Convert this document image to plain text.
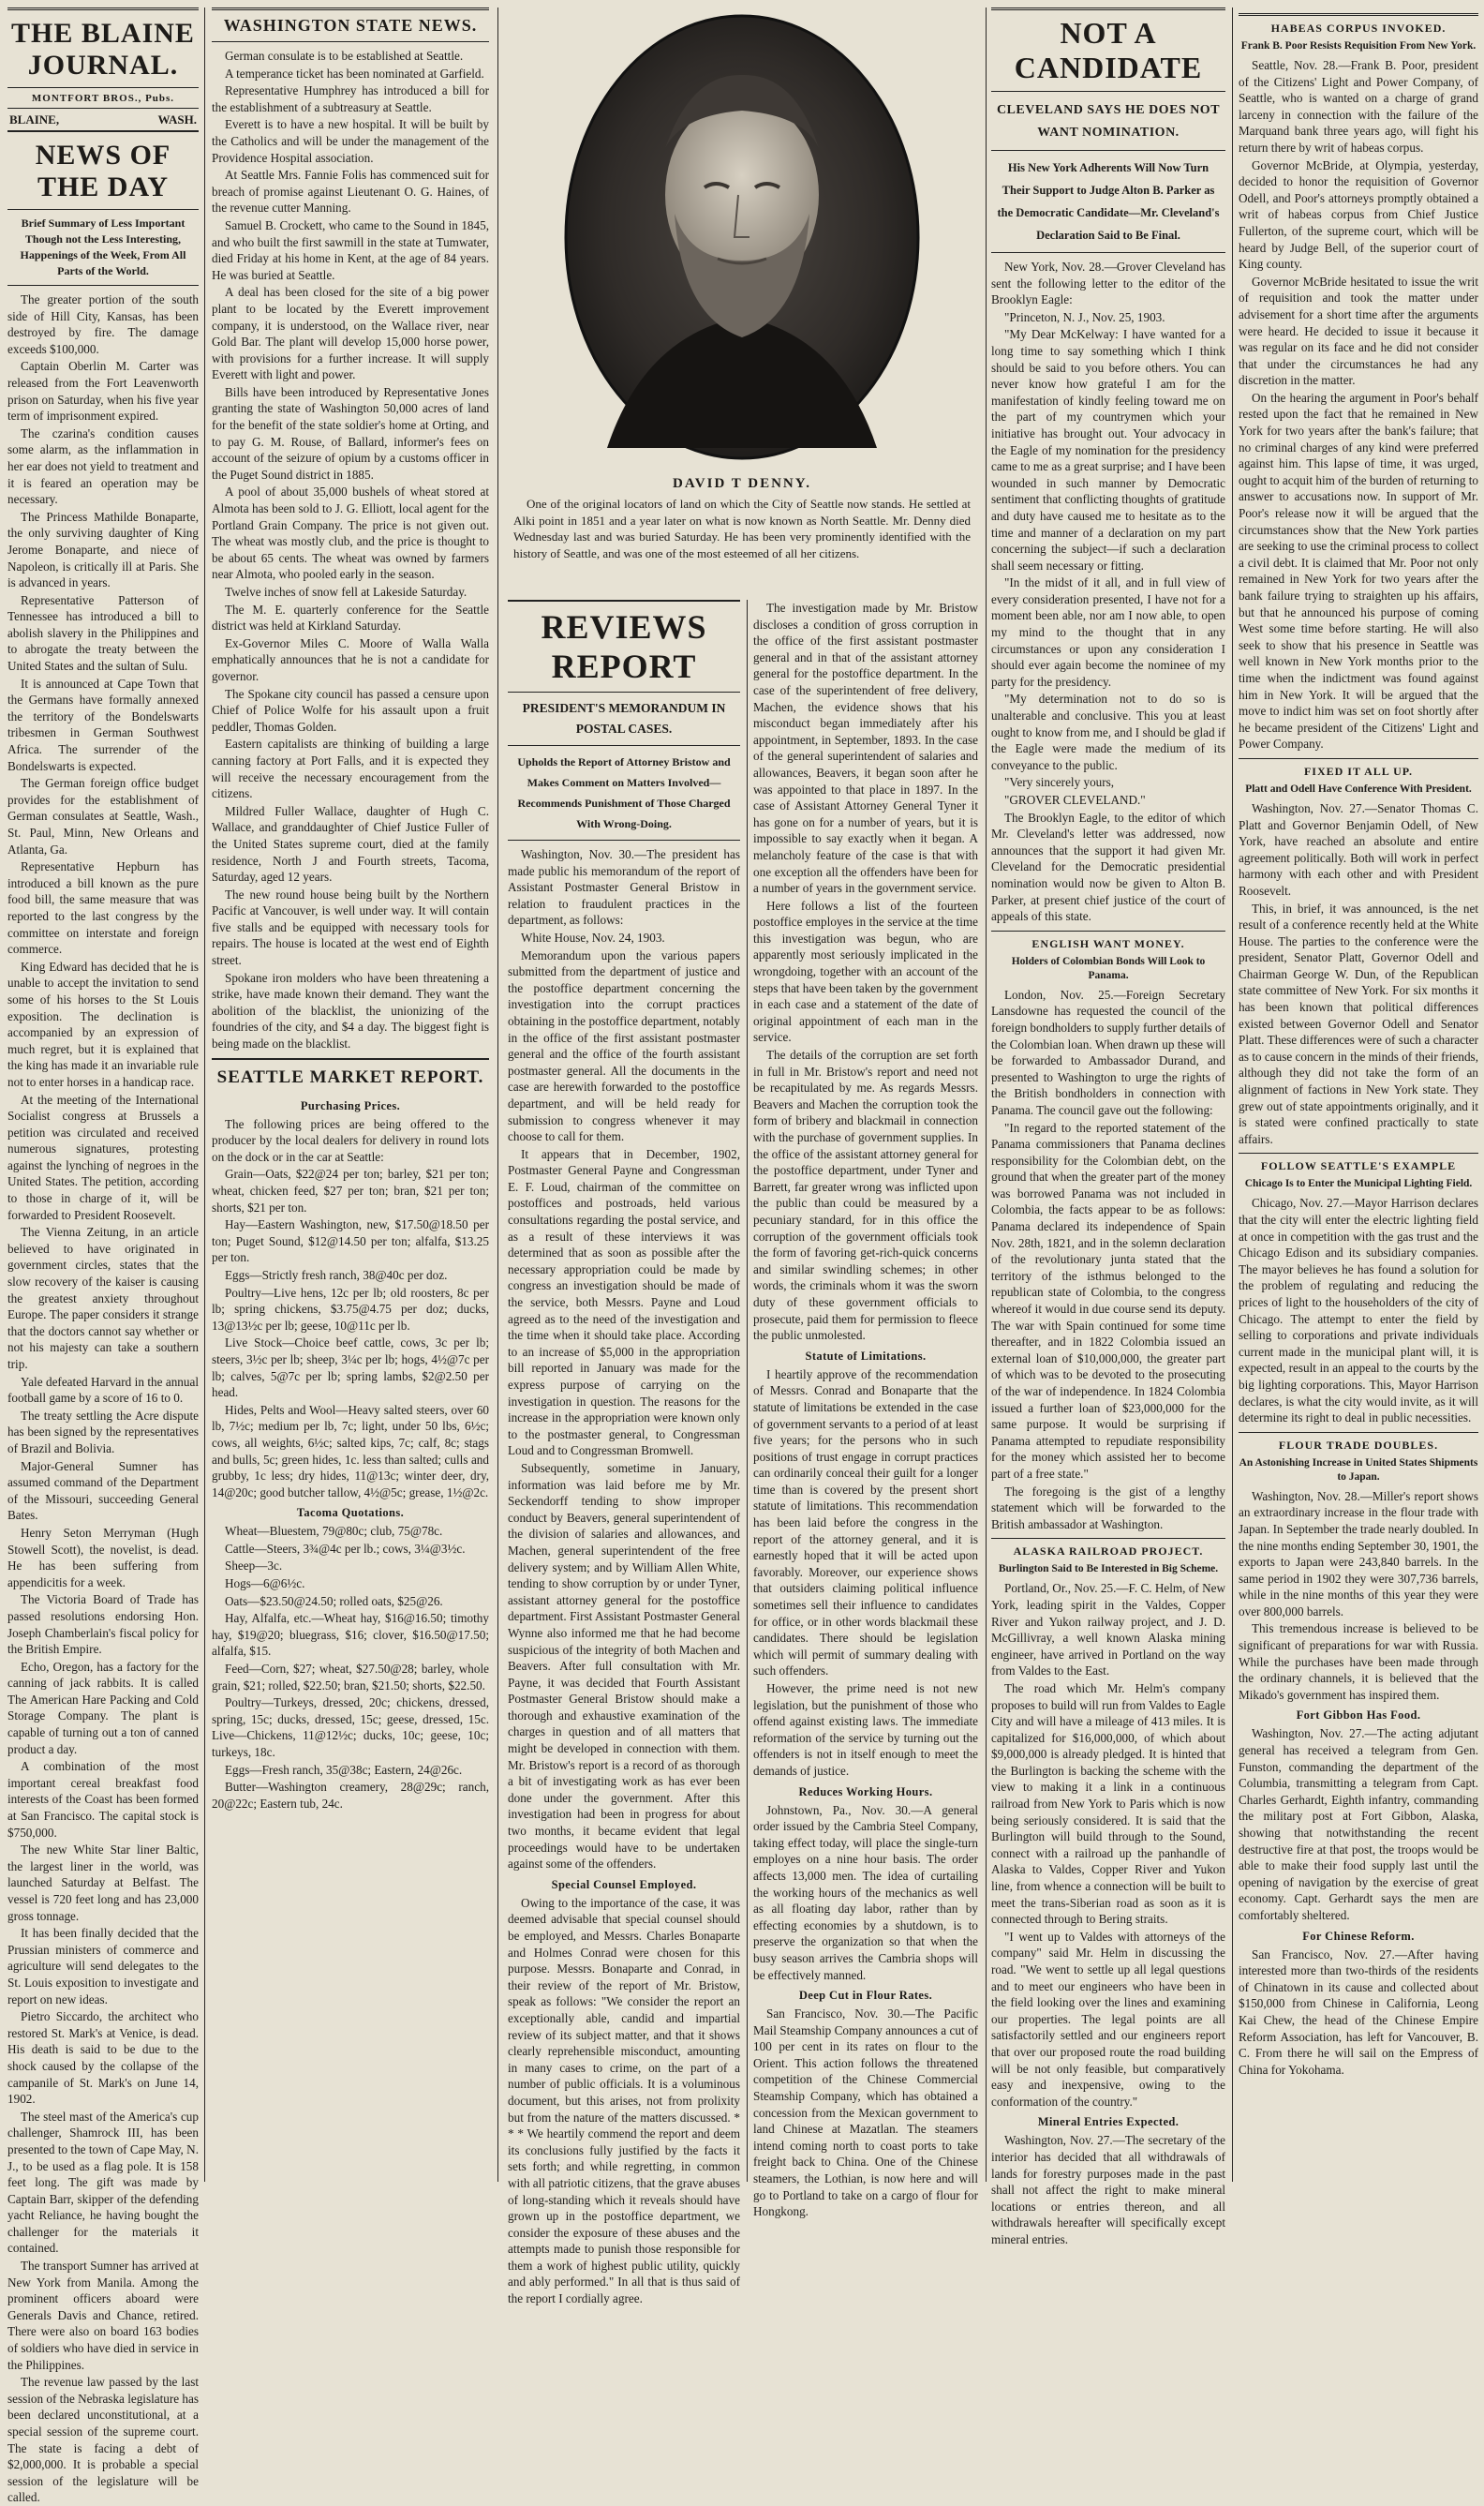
THE BLAINE JOURNAL.
MONTFORT BROS., Pubs.
BLAINE,	WASH.
NEWS OF THE DAY
Brief Summary of Less Important Though not the Less Interesting, Happenings of the Week, From All Parts of the World.

The greater portion of the south side of Hill City, Kansas, has been destroyed by fire. The damage exceeds $100,000.

Captain Oberlin M. Carter was released from the Fort Leavenworth prison on Saturday, when his five year term of imprisonment expired.

The czarina's condition causes some alarm, as the inflammation in her ear does not yield to treatment and it is feared an operation may be necessary.

The Princess Mathilde Bonaparte, the only surviving daughter of King Jerome Bonaparte, and niece of Napoleon, is critically ill at Paris. She is advanced in years.

Representative Patterson of Tennessee has introduced a bill to abolish slavery in the Philippines and to abrogate the treaty between the United States and the sultan of Sulu.

It is announced at Cape Town that the Germans have formally annexed the territory of the Bondelswarts tribesmen in German Southwest Africa. The surrender of the Bondelswarts is expected.

The German foreign office budget provides for the establishment of German consulates at Seattle, Wash., St. Paul, Minn, New Orleans and Atlanta, Ga.

Representative Hepburn has introduced a bill known as the pure food bill, the same measure that was reported to the last congress by the committee on interstate and foreign commerce.

King Edward has decided that he is unable to accept the invitation to send some of his horses to the St Louis exposition. The declination is accompanied by an expression of much regret, but it is explained that the king has made it an invariable rule not to enter horses in a handicap race.

At the meeting of the International Socialist congress at Brussels a petition was circulated and received numerous signatures, protesting against the lynching of negroes in the United States. The petition, according to those in charge of it, will be forwarded to President Roosevelt.

The Vienna Zeitung, in an article believed to have originated in government circles, states that the slow recovery of the kaiser is causing the greatest anxiety throughout Europe. The paper considers it strange that the doctors cannot say whether or not his majesty can take a southern trip.

Yale defeated Harvard in the annual football game by a score of 16 to 0.

The treaty settling the Acre dispute has been signed by the representatives of Brazil and Bolivia.

Major-General Sumner has assumed command of the Department of the Missouri, succeeding General Bates.

Henry Seton Merryman (Hugh Stowell Scott), the novelist, is dead. He has been suffering from appendicitis for a week.

The Victoria Board of Trade has passed resolutions endorsing Hon. Joseph Chamberlain's fiscal policy for the British Empire.

Echo, Oregon, has a factory for the canning of jack rabbits. It is called The American Hare Packing and Cold Storage Company. The plant is capable of turning out a ton of canned product a day.

A combination of the most important cereal breakfast food interests of the Coast has been formed at San Francisco. The capital stock is $750,000.

The new White Star liner Baltic, the largest liner in the world, was launched Saturday at Belfast. The vessel is 720 feet long and has 23,000 gross tonnage.

It has been finally decided that the Prussian ministers of commerce and agriculture will send delegates to the St. Louis exposition to investigate and report on new ideas.

Pietro Siccardo, the architect who restored St. Mark's at Venice, is dead. His death is said to be due to the shock caused by the collapse of the campanile of St. Mark's on June 14, 1902.

The steel mast of the America's cup challenger, Shamrock III, has been presented to the town of Cape May, N. J., to be used as a flag pole. It is 158 feet long. The gift was made by Captain Barr, skipper of the defending yacht Reliance, he having bought the challenger for the materials it contained.

The transport Sumner has arrived at New York from Manila. Among the prominent officers aboard were Generals Davis and Chance, retired. There were also on board 163 bodies of soldiers who have died in service in the Philippines.

The revenue law passed by the last session of the Nebraska legislature has been declared unconstitutional, at a special session of the supreme court. The state is facing a debt of $2,000,000. It is probable a special session of the legislature will be called.

WASHINGTON STATE NEWS.

German consulate is to be established at Seattle.

A temperance ticket has been nominated at Garfield.

Representative Humphrey has introduced a bill for the establishment of a subtreasury at Seattle.

Everett is to have a new hospital. It will be built by the Catholics and will be under the management of the Providence Hospital association.

At Seattle Mrs. Fannie Folis has commenced suit for breach of promise against Lieutenant O. G. Haines, of the revenue cutter Manning.

Samuel B. Crockett, who came to the Sound in 1845, and who built the first sawmill in the state at Tumwater, died Friday at his home in Kent, at the age of 84 years. He was buried at Seattle.

A deal has been closed for the site of a big power plant to be located by the Everett improvement company, it is understood, on the Wallace river, near Gold Bar. The plant will develop 15,000 horse power, with provisions for a further increase. It will supply Everett with light and power.

Bills have been introduced by Representative Jones granting the state of Washington 50,000 acres of land for the benefit of the state soldier's home at Orting, and to pay G. M. Rouse, of Ballard, informer's fees on account of the seizure of opium by a customs officer in the Puget Sound district in 1885.

A pool of about 35,000 bushels of wheat stored at Almota has been sold to J. G. Elliott, local agent for the Portland Grain Company. The price is not given out. The wheat was mostly club, and the price is thought to be about 65 cents. The wheat was owned by farmers near Almota, who pooled early in the season.

Twelve inches of snow fell at Lakeside Saturday.

The M. E. quarterly conference for the Seattle district was held at Kirkland Saturday.

Ex-Governor Miles C. Moore of Walla Walla emphatically announces that he is not a candidate for governor.

The Spokane city council has passed a censure upon Chief of Police Wolfe for his assault upon a fruit peddler, Thomas Golden.

Eastern capitalists are thinking of building a large canning factory at Port Falls, and it is expected they will receive the necessary encouragement from the citizens.

Mildred Fuller Wallace, daughter of Hugh C. Wallace, and granddaughter of Chief Justice Fuller of the United States supreme court, died at the family residence, North J and Fourth streets, Tacoma, Saturday, aged 12 years.

The new round house being built by the Northern Pacific at Vancouver, is well under way. It will contain five stalls and be equipped with necessary tools for repairs. The house is located at the west end of Eighth street.

Spokane iron molders who have been threatening a strike, have made known their demand. They want the abolition of the blacklist, the unionizing of the foundries of the city, and $4 a day. The biggest fight is being made on the blacklist.

SEATTLE MARKET REPORT.
Purchasing Prices.

The following prices are being offered to the producer by the local dealers for delivery in round lots on the dock or in the car at Seattle:

Grain—Oats, $22@24 per ton; barley, $21 per ton; wheat, chicken feed, $27 per ton; bran, $21 per ton; shorts, $21 per ton.

Hay—Eastern Washington, new, $17.50@18.50 per ton; Puget Sound, $12@14.50 per ton; alfalfa, $13.25 per ton.

Eggs—Strictly fresh ranch, 38@40c per doz.

Poultry—Live hens, 12c per lb; old roosters, 8c per lb; spring chickens, $3.75@4.75 per doz; ducks, 13@13½c per lb; geese, 10@11c per lb.

Live Stock—Choice beef cattle, cows, 3c per lb; steers, 3½c per lb; sheep, 3¼c per lb; hogs, 4½@7c per lb; calves, 5@7c per lb; spring lambs, $2@2.50 per head.

Hides, Pelts and Wool—Heavy salted steers, over 60 lb, 7½c; medium per lb, 7c; light, under 50 lbs, 6½c; cows, all weights, 6½c; salted kips, 7c; calf, 8c; stags and bulls, 5c; green hides, 1c. less than salted; culls and grubby, 1c less; dry hides, 11@13c; winter deer, dry, 14@20c; good butcher tallow, 4½@5c; grease, 1½@2c.

Tacoma Quotations.

Wheat—Bluestem, 79@80c; club, 75@78c.

Cattle—Steers, 3¾@4c per lb.; cows, 3¼@3½c.

Sheep—3c.

Hogs—6@6½c.

Oats—$23.50@24.50; rolled oats, $25@26.

Hay, Alfalfa, etc.—Wheat hay, $16@16.50; timothy hay, $19@20; bluegrass, $16; clover, $16.50@17.50; alfalfa, $15.

Feed—Corn, $27; wheat, $27.50@28; barley, whole grain, $21; rolled, $22.50; bran, $21.50; shorts, $22.50.

Poultry—Turkeys, dressed, 20c; chickens, dressed, spring, 15c; ducks, dressed, 15c; geese, dressed, 15c. Live—Chickens, 11@12½c; ducks, 10c; geese, 10c; turkeys, 18c.

Eggs—Fresh ranch, 35@38c; Eastern, 24@26c.

Butter—Washington creamery, 28@29c; ranch, 20@22c; Eastern tub, 24c.

DAVID T DENNY.

One of the original locators of land on which the City of Seattle now stands. He settled at Alki point in 1851 and a year later on what is now known as North Seattle. Mr. Denny died Wednesday last and was buried Saturday. He has been very prominently identified with the history of Seattle, and was one of the most esteemed of all her citizens.

REVIEWS REPORT
PRESIDENT'S MEMORANDUM IN POSTAL CASES.
Upholds the Report of Attorney Bristow and Makes Comment on Matters Involved—Recommends Punishment of Those Charged With Wrong-Doing.

Washington, Nov. 30.—The president has made public his memorandum of the report of Assistant Postmaster General Bristow in relation to fraudulent practices in the department, as follows:

White House, Nov. 24, 1903.

Memorandum upon the various papers submitted from the department of justice and the postoffice department concerning the investigation into the corrupt practices obtaining in the postoffice department, notably in the office of the first assistant postmaster general and the office of the fourth assistant postmaster general. All the documents in the case are herewith forwarded to the postoffice department, and will be held ready for submission to congress whenever it may choose to call for them.

It appears that in December, 1902, Postmaster General Payne and Congressman E. F. Loud, chairman of the committee on postoffices and postroads, held various consultations regarding the postal service, and as a result of these interviews it was determined that as soon as possible after the necessary appropriation could be made by congress an investigation should be made of the service, both Messrs. Payne and Loud agreed as to the need of the investigation and the time when it should take place. According to an increase of $5,000 in the appropriation bill reported in January was made for the express purpose of carrying on the investigation in question. The reasons for the increase in the appropriation were known only to the postmaster general, to Congressman Loud and to Congressman Bromwell.

Subsequently, sometime in January, information was laid before me by Mr. Seckendorff tending to show improper conduct by Beavers, general superintendent of the division of salaries and allowances, and Machen, general superintendent of the free delivery system; and by William Allen White, tending to show corruption by or under Tyner, assistant attorney general for the postoffice department. First Assistant Postmaster General Wynne also informed me that he had become suspicious of the integrity of both Machen and Beavers. After full consultation with Mr. Payne, it was decided that Fourth Assistant Postmaster General Bristow should make a thorough and exhaustive examination of the charges in question and of all matters that might be developed in connection with them. Mr. Bristow's report is a record of as thorough a bit of investigating work as has ever been done under the government. After this investigation had been in progress for about two months, it became evident that legal proceedings would have to be undertaken against some of the offenders.

Special Counsel Employed.

Owing to the importance of the case, it was deemed advisable that special counsel should be employed, and Messrs. Charles Bonaparte and Holmes Conrad were chosen for this purpose. Messrs. Bonaparte and Conrad, in their review of the report of Mr. Bristow, speak as follows: "We consider the report an exceptionally able, candid and impartial review of its subject matter, and that it shows clearly reprehensible misconduct, amounting in many cases to crime, on the part of a number of public officials. It is a voluminous document, but this arises, not from prolixity but from the nature of the matters discussed. * * * We heartily commend the report and deem its conclusions fully justified by the facts it sets forth; and while regretting, in common with all patriotic citizens, that the grave abuses of long-standing which it reveals should have grown up in the postoffice department, we consider the exposure of these abuses and the attempts made to punish those responsible for them a work of highest public utility, quickly and ably performed." In all that is thus said of the report I cordially agree.

The investigation made by Mr. Bristow discloses a condition of gross corruption in the office of the first assistant postmaster general and in that of the assistant attorney general for the postoffice department. In the case of the superintendent of free delivery, Machen, the evidence shows that his misconduct began immediately after his appointment, in September, 1893. In the case of the general superintendent of salaries and allowances, Beavers, it began soon after he was appointed to that place in 1897. In the case of Assistant Attorney General Tyner it has gone on for a number of years, but it is impossible to say exactly when it began. A melancholy feature of the case is that with one exception all the offenders have been for a number of years in the government service.

Here follows a list of the fourteen postoffice employes in the service at the time this investigation was begun, who are apparently most seriously implicated in the wrongdoing, together with an account of the steps that have been taken by the government in each case and a statement of the date of original appointment of each man in the service.

The details of the corruption are set forth in full in Mr. Bristow's report and need not be recapitulated by me. As regards Messrs. Beavers and Machen the corruption took the form of bribery and blackmail in connection with the purchase of government supplies. In the office of the assistant attorney general for the postoffice department, under Tyner and Barrett, far greater wrong was inflicted upon the public than could be measured by a pecuniary standard, for in this office the corruption of the government officials took the form of favoring get-rich-quick concerns and similar swindling schemes; in other words, the criminals whom it was the sworn duty of these government officials to prosecute, paid them for permission to fleece the public unmolested.

Statute of Limitations.

I heartily approve of the recommendation of Messrs. Conrad and Bonaparte that the statute of limitations be extended in the case of government servants to a period of at least five years; for the persons who in such positions of trust engage in corrupt practices can ordinarily conceal their guilt for a longer time than is covered by the present short statute of limitations. This recommendation has been laid before the congress in the report of the attorney general, and it is earnestly hoped that it will be acted upon favorably. Moreover, our experience shows that outsiders claiming political influence sometimes sell their influence to candidates for office, or in other words blackmail these candidates. There should be legislation which will permit of summary dealing with such offenders.

However, the prime need is not new legislation, but the punishment of those who offend against existing laws. The immediate reformation of the service by turning out the offenders is not in itself enough to meet the demands of justice.

Reduces Working Hours.

Johnstown, Pa., Nov. 30.—A general order issued by the Cambria Steel Company, taking effect today, will place the single-turn employes on a nine hour basis. The order affects 13,000 men. The idea of curtailing the working hours of the mechanics as well as all floating day labor, rather than by effecting economies by a shutdown, is to preserve the organization so that when the busy season arrives the Cambria shops will be effectively manned.

Deep Cut in Flour Rates.

San Francisco, Nov. 30.—The Pacific Mail Steamship Company announces a cut of 100 per cent in its rates on flour to the Orient. This action follows the threatened competition of the Chinese Commercial Steamship Company, which has obtained a concession from the Mexican government to land Chinese at Mazatlan. The steamers intend coming north to coast ports to take freight back to China. One of the Chinese steamers, the Lothian, is now here and will go to Portland to take on a cargo of flour for Hongkong.

NOT A CANDIDATE
CLEVELAND SAYS HE DOES NOT WANT NOMINATION.
His New York Adherents Will Now Turn Their Support to Judge Alton B. Parker as the Democratic Candidate—Mr. Cleveland's Declaration Said to Be Final.

New York, Nov. 28.—Grover Cleveland has sent the following letter to the editor of the Brooklyn Eagle:

"Princeton, N. J., Nov. 25, 1903.

"My Dear McKelway: I have wanted for a long time to say something which I think should be said to you before others. You can never know how grateful I am for the manifestation of kindly feeling toward me on the part of my countrymen which your initiative has brought out. Your advocacy in the Eagle of my nomination for the presidency came to me as a great surprise; and I have been wounded in such manner by Democratic sentiment that conflicting thoughts of gratitude and duty have caused me to hesitate as to the time and manner of a declaration on my part concerning the subject—if such a declaration shall seem necessary or fitting.

"In the midst of it all, and in full view of every consideration presented, I have not for a moment been able, nor am I now able, to open my mind to the thought that in any circumstances or upon any consideration I should ever again become the nominee of my party for the presidency.

"My determination not to do so is unalterable and conclusive. This you at least ought to know from me, and I should be glad if the Eagle were made the medium of its conveyance to the public.

"Very sincerely yours,

"GROVER CLEVELAND."

The Brooklyn Eagle, to the editor of which Mr. Cleveland's letter was addressed, now announces that the support it had given Mr. Cleveland for the Democratic presidential nomination would now be given to Alton B. Parker, at present chief justice of the court of appeals of this state.

ENGLISH WANT MONEY.
Holders of Colombian Bonds Will Look to Panama.

London, Nov. 25.—Foreign Secretary Lansdowne has requested the council of the foreign bondholders to supply further details of the Colombian loan. When drawn up these will be forwarded to Ambassador Durand, and presented to Washington to urge the rights of the British bondholders in connection with Panama. The council gave out the following:

"In regard to the reported statement of the Panama commissioners that Panama declines responsibility for the Colombian debt, on the ground that when the greater part of the money was borrowed Panama was not included in Colombia, the facts appear to be as follows: Panama declared its independence of Spain Nov. 28th, 1821, and in the solemn declaration of the revolutionary junta stated that the territory of the isthmus belonged to the republican state of Colombia, to the congress whereof it would in due course send its deputy. The war with Spain continued for some time thereafter, and in 1822 Colombia issued an external loan of $10,000,000, the greater part of which was to be devoted to the prosecuting of the war of independence. In 1824 Colombia issued a further loan of $23,000,000 for the same purpose. It would be surprising if Panama attempted to repudiate responsibility for the money which assisted her to become part of a free state."

The foregoing is the gist of a lengthy statement which will be forwarded to the British ambassador at Washington.

ALASKA RAILROAD PROJECT.
Burlington Said to Be Interested in Big Scheme.

Portland, Or., Nov. 25.—F. C. Helm, of New York, leading spirit in the Valdes, Copper River and Yukon railway project, and J. D. McGillivray, a well known Alaska mining engineer, have arrived in Portland on the way from Valdes to the East.

The road which Mr. Helm's company proposes to build will run from Valdes to Eagle City and will have a mileage of 413 miles. It is capitalized for $16,000,000, of which about $9,000,000 is already pledged. It is hinted that the Burlington is backing the scheme with the view to making it a link in a continuous railroad from New York to Paris which is now being seriously considered. It is said that the Burlington will build through to the Sound, connect with a railroad up the panhandle of Alaska to Valdes, Copper River and Yukon line, from whence a connection will be built to meet the trans-Siberian road as soon as it is connected through to Bering straits.

"I went up to Valdes with attorneys of the company" said Mr. Helm in discussing the road. "We went to settle up all legal questions and to meet our engineers who have been in the field looking over the lines and examining our properties. The legal points are all satisfactorily settled and our engineers report that over our proposed route the road building will be not only feasible, but comparatively easy and inexpensive, owing to the conformation of the country."

Mineral Entries Expected.

Washington, Nov. 27.—The secretary of the interior has decided that all withdrawals of lands for forestry purposes made in the past shall not affect the right to make mineral locations or entries thereon, and all withdrawals hereafter will specifically except mineral entries.

HABEAS CORPUS INVOKED.
Frank B. Poor Resists Requisition From New York.

Seattle, Nov. 28.—Frank B. Poor, president of the Citizens' Light and Power Company, of Seattle, who is wanted on a charge of grand larceny in connection with the failure of the Marquand bank three years ago, will fight his return there by writ of habeas corpus.

Governor McBride, at Olympia, yesterday, decided to honor the requisition of Governor Odell, and Poor's attorneys promptly obtained a writ of habeas corpus from Chief Justice Fullerton, of the supreme court, which will be heard by Judge Bell, of the superior court of King county.

Governor McBride hesitated to issue the writ of requisition and took the matter under advisement for a short time after the arguments were heard. He decided to issue it because it was regular on its face and he did not consider that under the circumstances he had any discretion in the matter.

On the hearing the argument in Poor's behalf rested upon the fact that he remained in New York for two years after the bank's failure; that no criminal charges of any kind were preferred against him. This lapse of time, it was urged, ought to acquit him of the burden of returning to answer to accusations now. In support of Mr. Poor's release now it will be argued that the circumstances show that the New York parties are seeking to use the criminal process to collect a civil debt. It is claimed that Mr. Poor not only remained in New York for two years after the bank failure trying to straighten up his affairs, but that he announced his purpose of coming West some time before starting. He will also seek to show that his presence in Seattle was well known in New York months prior to the time when the indictment was found against him in New York. It will be argued that the move to indict him was set on foot shortly after he became president of the Citizens' Light and Power Company.

FIXED IT ALL UP.
Platt and Odell Have Conference With President.

Washington, Nov. 27.—Senator Thomas C. Platt and Governor Benjamin Odell, of New York, have reached an absolute and entire agreement politically. Both will work in perfect harmony with each other and with President Roosevelt.

This, in brief, it was announced, is the net result of a conference recently held at the White House. The parties to the conference were the president, Senator Platt, Governor Odell and Chairman George W. Dun, of the Republican state committee of New York. For six months it has been known that political differences existed between Governor Odell and Senator Platt. These differences were of such a character as to cause concern in the minds of their friends, although they did not take the form of an alignment of factions in New York state. They grew out of state appointments originally, and it is stated were confined practically to state affairs.

FOLLOW SEATTLE'S EXAMPLE
Chicago Is to Enter the Municipal Lighting Field.

Chicago, Nov. 27.—Mayor Harrison declares that the city will enter the electric lighting field at once in competition with the gas trust and the Chicago Edison and its subsidiary companies. The mayor believes he has found a solution for the problem of regulating and reducing the prices of light to the householders of the city of Chicago. The attempt to enter the field by selling to corporations and private individuals current made in the municipal plant will, it is expected, result in an appeal to the courts by the big lighting corporations. This, Mayor Harrison declares, is what the city would invite, as it will determine its right to deal in public necessities.

FLOUR TRADE DOUBLES.
An Astonishing Increase in United States Shipments to Japan.

Washington, Nov. 28.—Miller's report shows an extraordinary increase in the flour trade with Japan. In September the trade nearly doubled. In the nine months ending September 30, 1901, the exports to Japan were 243,840 barrels. In the same period in 1902 they were 307,736 barrels, while in the nine months of this year they were over 800,000 barrels.

This tremendous increase is believed to be significant of preparations for war with Russia. While the purchases have been made through the ordinary channels, it is believed that the Mikado's government has inspired them.

Fort Gibbon Has Food.

Washington, Nov. 27.—The acting adjutant general has received a telegram from Gen. Funston, commanding the department of the Columbia, transmitting a telegram from Capt. Charles Gerhardt, Eighth infantry, commanding the military post at Fort Gibbon, Alaska, showing that notwithstanding the recent destructive fire at that post, the troops would be able to make their food supply last until the opening of navigation by the exercise of great economy. Capt. Gerhardt says the men are comfortably sheltered.

For Chinese Reform.

San Francisco, Nov. 27.—After having interested more than two-thirds of the residents of Chinatown in its cause and collected about $150,000 from Chinese in California, Leong Kai Chew, the head of the Chinese Empire Reform Association, has left for Vancouver, B. C. From there he will sail on the Empress of China for Yokohama.
